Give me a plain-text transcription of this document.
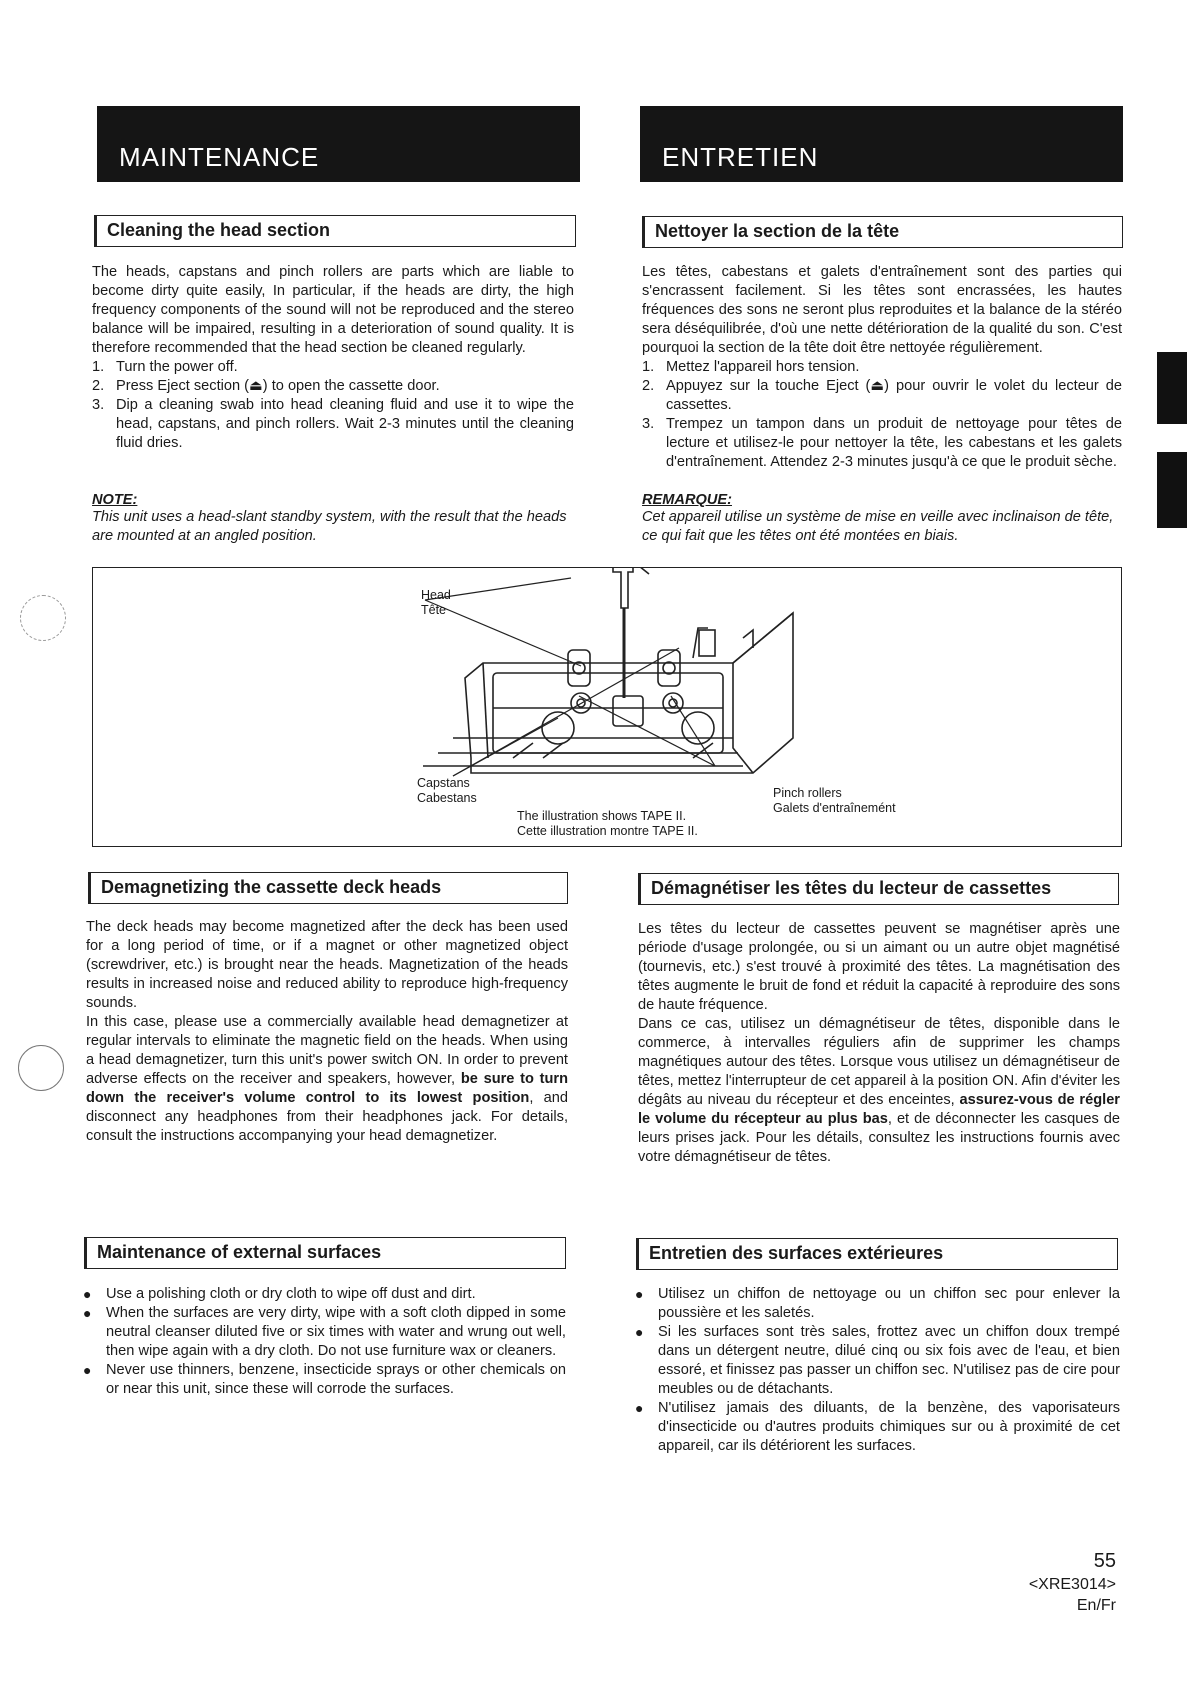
MAINTENANCE	ENTRETIEN
Cleaning the head section

The heads, capstans and pinch rollers are parts which are liable to become dirty quite easily, In particular, if the heads are dirty, the high frequency components of the sound will not be reproduced and the stereo balance will be impaired, resulting in a deterioration of sound quality. It is therefore recommended that the head section be cleaned regularly.

1. Turn the power off.
2. Press Eject section (⏏) to open the cassette door.
3. Dip a cleaning swab into head cleaning fluid and use it to wipe the head, capstans, and pinch rollers. Wait 2-3 minutes until the cleaning fluid dries.
NOTE:
This unit uses a head-slant standby system, with the result that the heads are mounted at an angled position.
Nettoyer la section de la tête

Les têtes, cabestans et galets d'entraînement sont des parties qui s'encrassent facilement. Si les têtes sont encrassées, les hautes fréquences des sons ne seront plus reproduites et la balance de la stéréo sera déséquilibrée, d'où une nette détérioration de la qualité du son. C'est pourquoi la section de la tête doit être nettoyée régulièrement.

1. Mettez l'appareil hors tension.
2. Appuyez sur la touche Eject (⏏) pour ouvrir le volet du lecteur de cassettes.
3. Trempez un tampon dans un produit de nettoyage pour têtes de lecture et utilisez-le pour nettoyer la tête, les cabestans et les galets d'entraînement. Attendez 2-3 minutes jusqu'à ce que le produit sèche.
REMARQUE:
Cet appareil utilise un système de mise en veille avec inclinaison de tête, ce qui fait que les têtes ont été montées en biais.
Head
Tête
Capstans
Cabestans	Pinch rollers
Galets d'entraînemént
The illustration shows TAPE II.
Cette illustration montre TAPE II.
Demagnetizing the cassette deck heads

The deck heads may become magnetized after the deck has been used for a long period of time, or if a magnet or other magnetized object (screwdriver, etc.) is brought near the heads. Magnetization of the heads results in increased noise and reduced ability to reproduce high-frequency sounds.

In this case, please use a commercially available head demagnetizer at regular intervals to eliminate the magnetic field on the heads. When using a head demagnetizer, turn this unit's power switch ON. In order to prevent adverse effects on the receiver and speakers, however, be sure to turn down the receiver's volume control to its lowest position, and disconnect any headphones from their headphones jack. For details, consult the instructions accompanying your head demagnetizer.

Démagnétiser les têtes du lecteur de cassettes

Les têtes du lecteur de cassettes peuvent se magnétiser après une période d'usage prolongée, ou si un aimant ou un autre objet magnétisé (tournevis, etc.) s'est trouvé à proximité des têtes. La magnétisation des têtes augmente le bruit de fond et réduit la capacité à reproduire des sons de haute fréquence.

Dans ce cas, utilisez un démagnétiseur de têtes, disponible dans le commerce, à intervalles réguliers afin de supprimer les champs magnétiques autour des têtes. Lorsque vous utilisez un démagnétiseur de têtes, mettez l'interrupteur de cet appareil à la position ON. Afin d'éviter les dégâts au niveau du récepteur et des enceintes, assurez-vous de régler le volume du récepteur au plus bas, et de déconnecter les casques de leurs prises jack. Pour les détails, consultez les instructions fournis avec votre démagnétiseur de têtes.

Maintenance of external surfaces
● Use a polishing cloth or dry cloth to wipe off dust and dirt.
● When the surfaces are very dirty, wipe with a soft cloth dipped in some neutral cleanser diluted five or six times with water and wrung out well, then wipe again with a dry cloth. Do not use furniture wax or cleaners.
● Never use thinners, benzene, insecticide sprays or other chemicals on or near this unit, since these will corrode the surfaces.
Entretien des surfaces extérieures
● Utilisez un chiffon de nettoyage ou un chiffon sec pour enlever la poussière et les saletés.
● Si les surfaces sont très sales, frottez avec un chiffon doux trempé dans un détergent neutre, dilué cinq ou six fois avec de l'eau, et bien essoré, et finissez pas passer un chiffon sec. N'utilisez pas de cire pour meubles ou de détachants.
● N'utilisez jamais des diluants, de la benzène, des vaporisateurs d'insecticide ou d'autres produits chimiques sur ou à proximité de cet appareil, car ils détériorent les surfaces.
55
<XRE3014>
En/Fr
